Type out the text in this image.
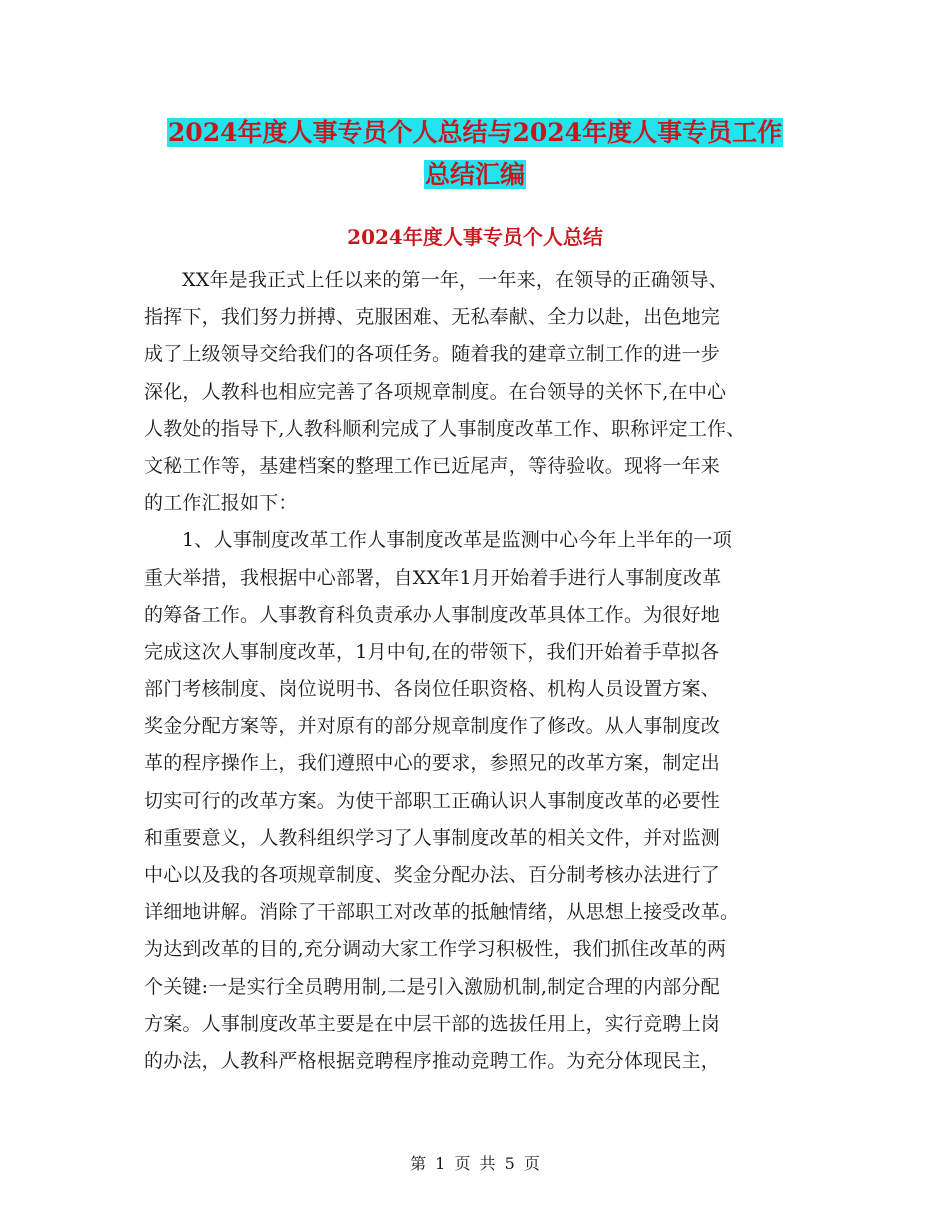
2024年度人事专员个人总结与2024年度人事专员工作
总结汇编
2024年度人事专员个人总结
XX年是我正式上任以来的第一年，一年来，在领导的正确领导、
指挥下，我们努力拼搏、克服困难、无私奉献、全力以赴，出色地完
成了上级领导交给我们的各项任务。随着我的建章立制工作的进一步
深化，人教科也相应完善了各项规章制度。在台领导的关怀下,在中心
人教处的指导下,人教科顺利完成了人事制度改革工作、职称评定工作、
文秘工作等，基建档案的整理工作已近尾声，等待验收。现将一年来
的工作汇报如下：
1、人事制度改革工作人事制度改革是监测中心今年上半年的一项
重大举措，我根据中心部署，自XX年1月开始着手进行人事制度改革
的筹备工作。人事教育科负责承办人事制度改革具体工作。为很好地
完成这次人事制度改革，1月中旬,在的带领下，我们开始着手草拟各
部门考核制度、岗位说明书、各岗位任职资格、机构人员设置方案、
奖金分配方案等，并对原有的部分规章制度作了修改。从人事制度改
革的程序操作上，我们遵照中心的要求，参照兄的改革方案，制定出
切实可行的改革方案。为使干部职工正确认识人事制度改革的必要性
和重要意义，人教科组织学习了人事制度改革的相关文件，并对监测
中心以及我的各项规章制度、奖金分配办法、百分制考核办法进行了
详细地讲解。消除了干部职工对改革的抵触情绪，从思想上接受改革。
为达到改革的目的,充分调动大家工作学习积极性，我们抓住改革的两
个关键:一是实行全员聘用制,二是引入激励机制,制定合理的内部分配
方案。人事制度改革主要是在中层干部的选拔任用上，实行竞聘上岗
的办法，人教科严格根据竞聘程序推动竞聘工作。为充分体现民主，
第 1 页 共 5 页
